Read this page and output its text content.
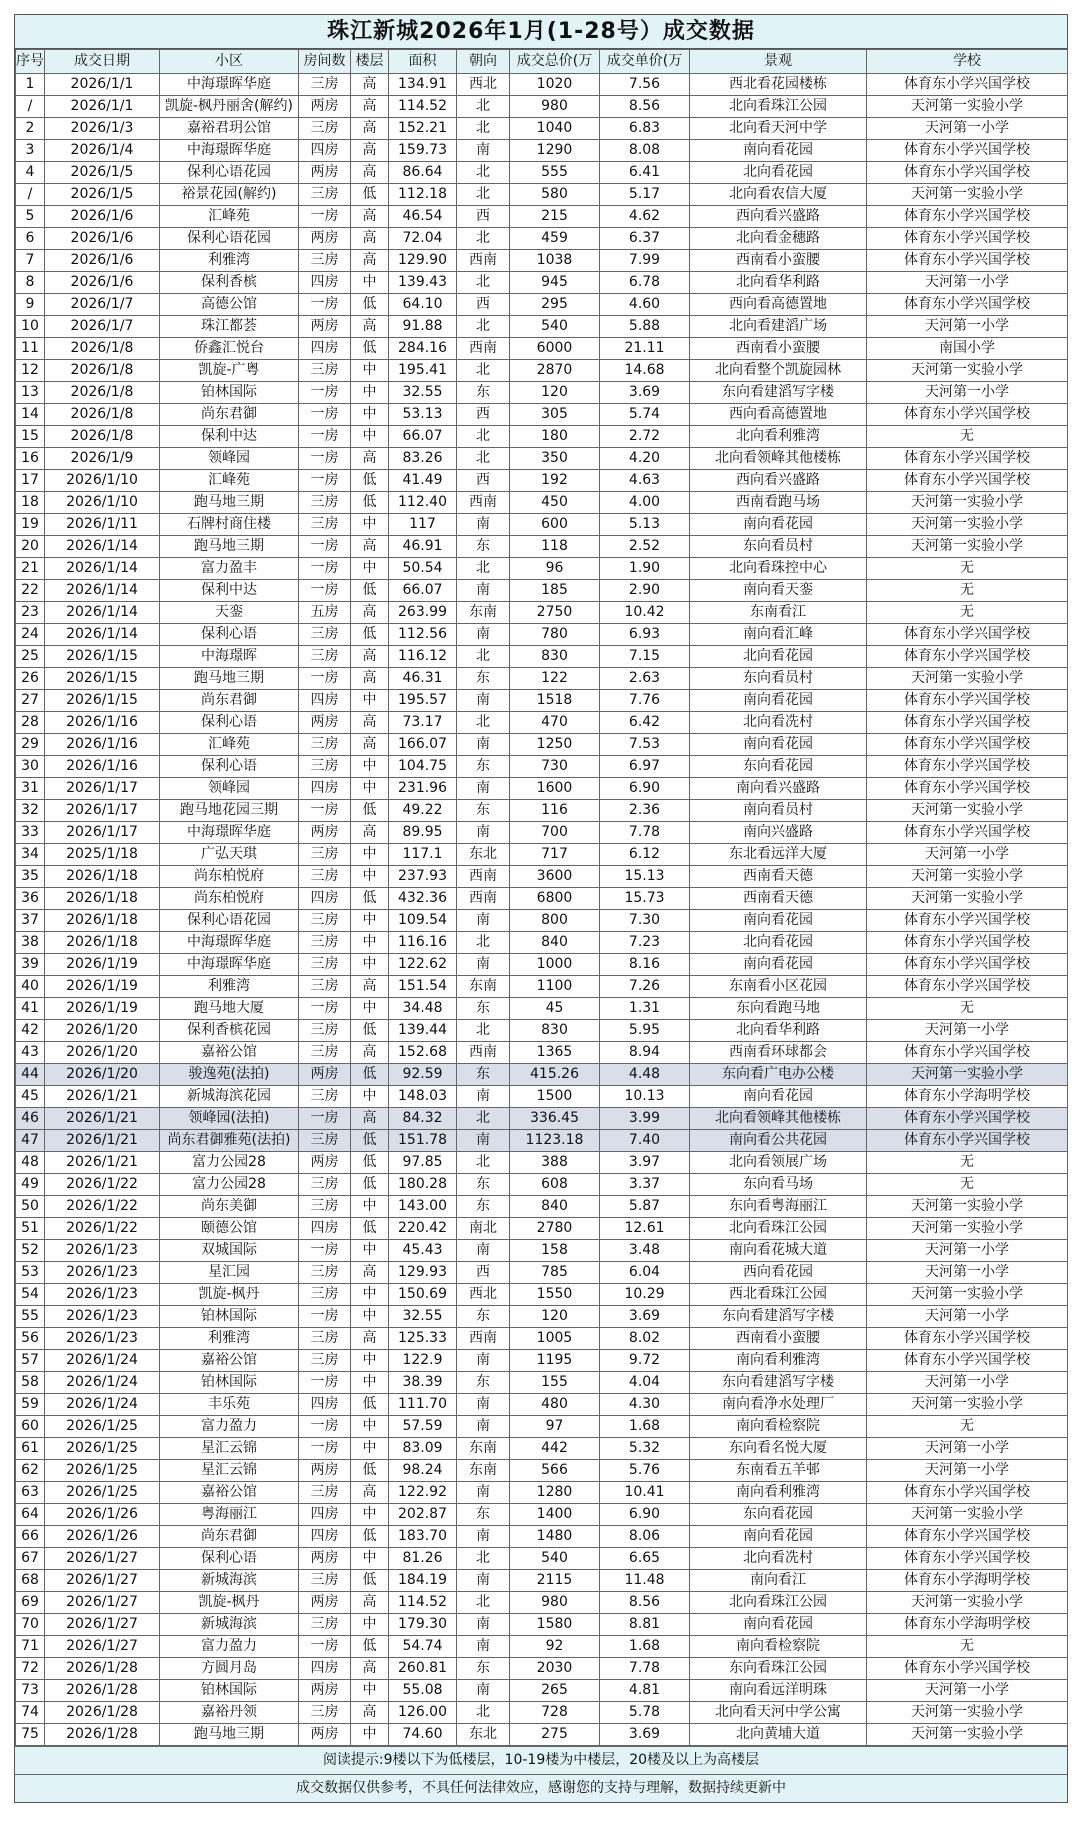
珠江新城2026年1月(1-28号）成交数据
序号	成交日期	小区	房间数	楼层	面积	朝向	成交总价(万	成交单价(万	景观	学校
1	2026/1/1	中海璟晖华庭	三房	高	134.91	西北	1020	7.56	西北看花园楼栋	体育东小学兴国学校
/	2026/1/1	凯旋-枫丹丽舍(解约)	两房	高	114.52	北	980	8.56	北向看珠江公园	天河第一实验小学
2	2026/1/3	嘉裕君玥公馆	三房	高	152.21	北	1040	6.83	北向看天河中学	天河第一小学
3	2026/1/4	中海璟晖华庭	四房	高	159.73	南	1290	8.08	南向看花园	体育东小学兴国学校
4	2026/1/5	保利心语花园	两房	高	86.64	北	555	6.41	北向看花园	体育东小学兴国学校
/	2026/1/5	裕景花园(解约)	三房	低	112.18	北	580	5.17	北向看农信大厦	天河第一实验小学
5	2026/1/6	汇峰苑	一房	高	46.54	西	215	4.62	西向看兴盛路	体育东小学兴国学校
6	2026/1/6	保利心语花园	两房	高	72.04	北	459	6.37	北向看金穗路	体育东小学兴国学校
7	2026/1/6	利雅湾	三房	高	129.90	西南	1038	7.99	西南看小蛮腰	体育东小学兴国学校
8	2026/1/6	保利香槟	四房	中	139.43	北	945	6.78	北向看华利路	天河第一小学
9	2026/1/7	高德公馆	一房	低	64.10	西	295	4.60	西向看高德置地	体育东小学兴国学校
10	2026/1/7	珠江都荟	两房	高	91.88	北	540	5.88	北向看建滔广场	天河第一小学
11	2026/1/8	侨鑫汇悦台	四房	低	284.16	西南	6000	21.11	西南看小蛮腰	南国小学
12	2026/1/8	凯旋-广粤	三房	中	195.41	北	2870	14.68	北向看整个凯旋园林	天河第一实验小学
13	2026/1/8	铂林国际	一房	中	32.55	东	120	3.69	东向看建滔写字楼	天河第一小学
14	2026/1/8	尚东君御	一房	中	53.13	西	305	5.74	西向看高德置地	体育东小学兴国学校
15	2026/1/8	保利中达	一房	中	66.07	北	180	2.72	北向看利雅湾	无
16	2026/1/9	领峰园	一房	高	83.26	北	350	4.20	北向看领峰其他楼栋	体育东小学兴国学校
17	2026/1/10	汇峰苑	一房	低	41.49	西	192	4.63	西向看兴盛路	体育东小学兴国学校
18	2026/1/10	跑马地三期	三房	低	112.40	西南	450	4.00	西南看跑马场	天河第一实验小学
19	2026/1/11	石牌村商住楼	三房	中	117	南	600	5.13	南向看花园	天河第一实验小学
20	2026/1/14	跑马地三期	一房	高	46.91	东	118	2.52	东向看员村	天河第一实验小学
21	2026/1/14	富力盈丰	一房	中	50.54	北	96	1.90	北向看珠控中心	无
22	2026/1/14	保利中达	一房	低	66.07	南	185	2.90	南向看天銮	无
23	2026/1/14	天銮	五房	高	263.99	东南	2750	10.42	东南看江	无
24	2026/1/14	保利心语	三房	低	112.56	南	780	6.93	南向看汇峰	体育东小学兴国学校
25	2026/1/15	中海璟晖	三房	高	116.12	北	830	7.15	北向看花园	体育东小学兴国学校
26	2026/1/15	跑马地三期	一房	高	46.31	东	122	2.63	东向看员村	天河第一实验小学
27	2026/1/15	尚东君御	四房	中	195.57	南	1518	7.76	南向看花园	体育东小学兴国学校
28	2026/1/16	保利心语	两房	高	73.17	北	470	6.42	北向看冼村	体育东小学兴国学校
29	2026/1/16	汇峰苑	三房	高	166.07	南	1250	7.53	南向看花园	体育东小学兴国学校
30	2026/1/16	保利心语	三房	中	104.75	东	730	6.97	东向看花园	体育东小学兴国学校
31	2026/1/17	领峰园	四房	中	231.96	南	1600	6.90	南向看兴盛路	体育东小学兴国学校
32	2026/1/17	跑马地花园三期	一房	低	49.22	东	116	2.36	南向看员村	天河第一实验小学
33	2026/1/17	中海璟晖华庭	两房	高	89.95	南	700	7.78	南向兴盛路	体育东小学兴国学校
34	2025/1/18	广弘天琪	三房	中	117.1	东北	717	6.12	东北看远洋大厦	天河第一小学
35	2026/1/18	尚东柏悦府	三房	中	237.93	西南	3600	15.13	西南看天德	天河第一实验小学
36	2026/1/18	尚东柏悦府	四房	低	432.36	西南	6800	15.73	西南看天德	天河第一实验小学
37	2026/1/18	保利心语花园	三房	中	109.54	南	800	7.30	南向看花园	体育东小学兴国学校
38	2026/1/18	中海璟晖华庭	三房	中	116.16	北	840	7.23	北向看花园	体育东小学兴国学校
39	2026/1/19	中海璟晖华庭	三房	中	122.62	南	1000	8.16	南向看花园	体育东小学兴国学校
40	2026/1/19	利雅湾	三房	高	151.54	东南	1100	7.26	东南看小区花园	体育东小学兴国学校
41	2026/1/19	跑马地大厦	一房	中	34.48	东	45	1.31	东向看跑马地	无
42	2026/1/20	保利香槟花园	三房	低	139.44	北	830	5.95	北向看华利路	天河第一小学
43	2026/1/20	嘉裕公馆	三房	高	152.68	西南	1365	8.94	西南看环球都会	体育东小学兴国学校
44	2026/1/20	骏逸苑(法拍)	两房	低	92.59	东	415.26	4.48	东向看广电办公楼	天河第一实验小学
45	2026/1/21	新城海滨花园	三房	中	148.03	南	1500	10.13	南向看花园	体育东小学海明学校
46	2026/1/21	领峰园(法拍)	一房	高	84.32	北	336.45	3.99	北向看领峰其他楼栋	体育东小学兴国学校
47	2026/1/21	尚东君御雅苑(法拍)	三房	低	151.78	南	1123.18	7.40	南向看公共花园	体育东小学兴国学校
48	2026/1/21	富力公园28	两房	低	97.85	北	388	3.97	北向看领展广场	无
49	2026/1/22	富力公园28	三房	低	180.28	东	608	3.37	东向看马场	无
50	2026/1/22	尚东美御	三房	中	143.00	东	840	5.87	东向看粤海丽江	天河第一实验小学
51	2026/1/22	颐德公馆	四房	低	220.42	南北	2780	12.61	北向看珠江公园	天河第一实验小学
52	2026/1/23	双城国际	一房	中	45.43	南	158	3.48	南向看花城大道	天河第一小学
53	2026/1/23	星汇园	三房	高	129.93	西	785	6.04	西向看花园	天河第一小学
54	2026/1/23	凯旋-枫丹	三房	中	150.69	西北	1550	10.29	西北看珠江公园	天河第一实验小学
55	2026/1/23	铂林国际	一房	中	32.55	东	120	3.69	东向看建滔写字楼	天河第一小学
56	2026/1/23	利雅湾	三房	高	125.33	西南	1005	8.02	西南看小蛮腰	体育东小学兴国学校
57	2026/1/24	嘉裕公馆	三房	中	122.9	南	1195	9.72	南向看利雅湾	体育东小学兴国学校
58	2026/1/24	铂林国际	一房	中	38.39	东	155	4.04	东向看建滔写字楼	天河第一小学
59	2026/1/24	丰乐苑	四房	低	111.70	南	480	4.30	南向看净水处理厂	天河第一实验小学
60	2026/1/25	富力盈力	一房	中	57.59	南	97	1.68	南向看检察院	无
61	2026/1/25	星汇云锦	一房	中	83.09	东南	442	5.32	东向看名悦大厦	天河第一小学
62	2026/1/25	星汇云锦	两房	低	98.24	东南	566	5.76	东南看五羊邨	天河第一小学
63	2026/1/25	嘉裕公馆	三房	高	122.92	南	1280	10.41	南向看利雅湾	体育东小学兴国学校
64	2026/1/26	粤海丽江	四房	中	202.87	东	1400	6.90	东向看花园	天河第一实验小学
66	2026/1/26	尚东君御	四房	低	183.70	南	1480	8.06	南向看花园	体育东小学兴国学校
67	2026/1/27	保利心语	两房	中	81.26	北	540	6.65	北向看冼村	体育东小学兴国学校
68	2026/1/27	新城海滨	三房	低	184.19	南	2115	11.48	南向看江	体育东小学海明学校
69	2026/1/27	凯旋-枫丹	两房	高	114.52	北	980	8.56	北向看珠江公园	天河第一实验小学
70	2026/1/27	新城海滨	三房	中	179.30	南	1580	8.81	南向看花园	体育东小学海明学校
71	2026/1/27	富力盈力	一房	低	54.74	南	92	1.68	南向看检察院	无
72	2026/1/28	方圆月岛	四房	高	260.81	东	2030	7.78	东向看珠江公园	体育东小学兴国学校
73	2026/1/28	铂林国际	两房	中	55.08	南	265	4.81	南向看远洋明珠	天河第一小学
74	2026/1/28	嘉裕丹领	三房	高	126.00	北	728	5.78	北向看天河中学公寓	天河第一实验小学
75	2026/1/28	跑马地三期	两房	中	74.60	东北	275	3.69	北向黄埔大道	天河第一实验小学
阅读提示:9楼以下为低楼层，10-19楼为中楼层，20楼及以上为高楼层
成交数据仅供参考，不具任何法律效应，感谢您的支持与理解，数据持续更新中
